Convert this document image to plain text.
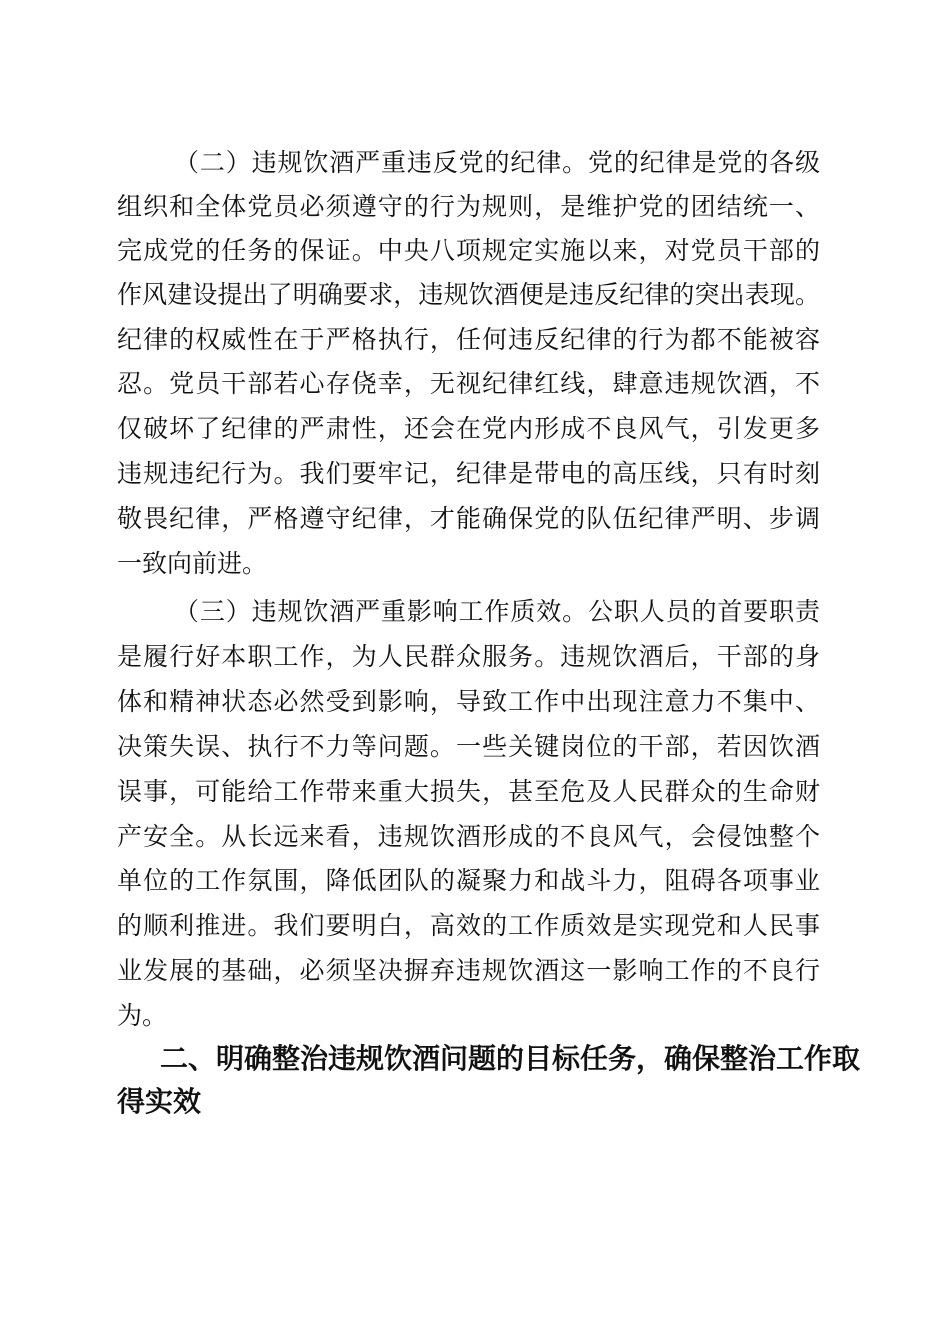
（二）违规饮酒严重违反党的纪律。党的纪律是党的各级
组织和全体党员必须遵守的行为规则，是维护党的团结统一、
完成党的任务的保证。中央八项规定实施以来，对党员干部的
作风建设提出了明确要求，违规饮酒便是违反纪律的突出表现。
纪律的权威性在于严格执行，任何违反纪律的行为都不能被容
忍。党员干部若心存侥幸，无视纪律红线，肆意违规饮酒，不
仅破坏了纪律的严肃性，还会在党内形成不良风气，引发更多
违规违纪行为。我们要牢记，纪律是带电的高压线，只有时刻
敬畏纪律，严格遵守纪律，才能确保党的队伍纪律严明、步调
一致向前进。
（三）违规饮酒严重影响工作质效。公职人员的首要职责
是履行好本职工作，为人民群众服务。违规饮酒后，干部的身
体和精神状态必然受到影响，导致工作中出现注意力不集中、
决策失误、执行不力等问题。一些关键岗位的干部，若因饮酒
误事，可能给工作带来重大损失，甚至危及人民群众的生命财
产安全。从长远来看，违规饮酒形成的不良风气，会侵蚀整个
单位的工作氛围，降低团队的凝聚力和战斗力，阻碍各项事业
的顺利推进。我们要明白，高效的工作质效是实现党和人民事
业发展的基础，必须坚决摒弃违规饮酒这一影响工作的不良行
为。
二、明确整治违规饮酒问题的目标任务，确保整治工作取
得实效
